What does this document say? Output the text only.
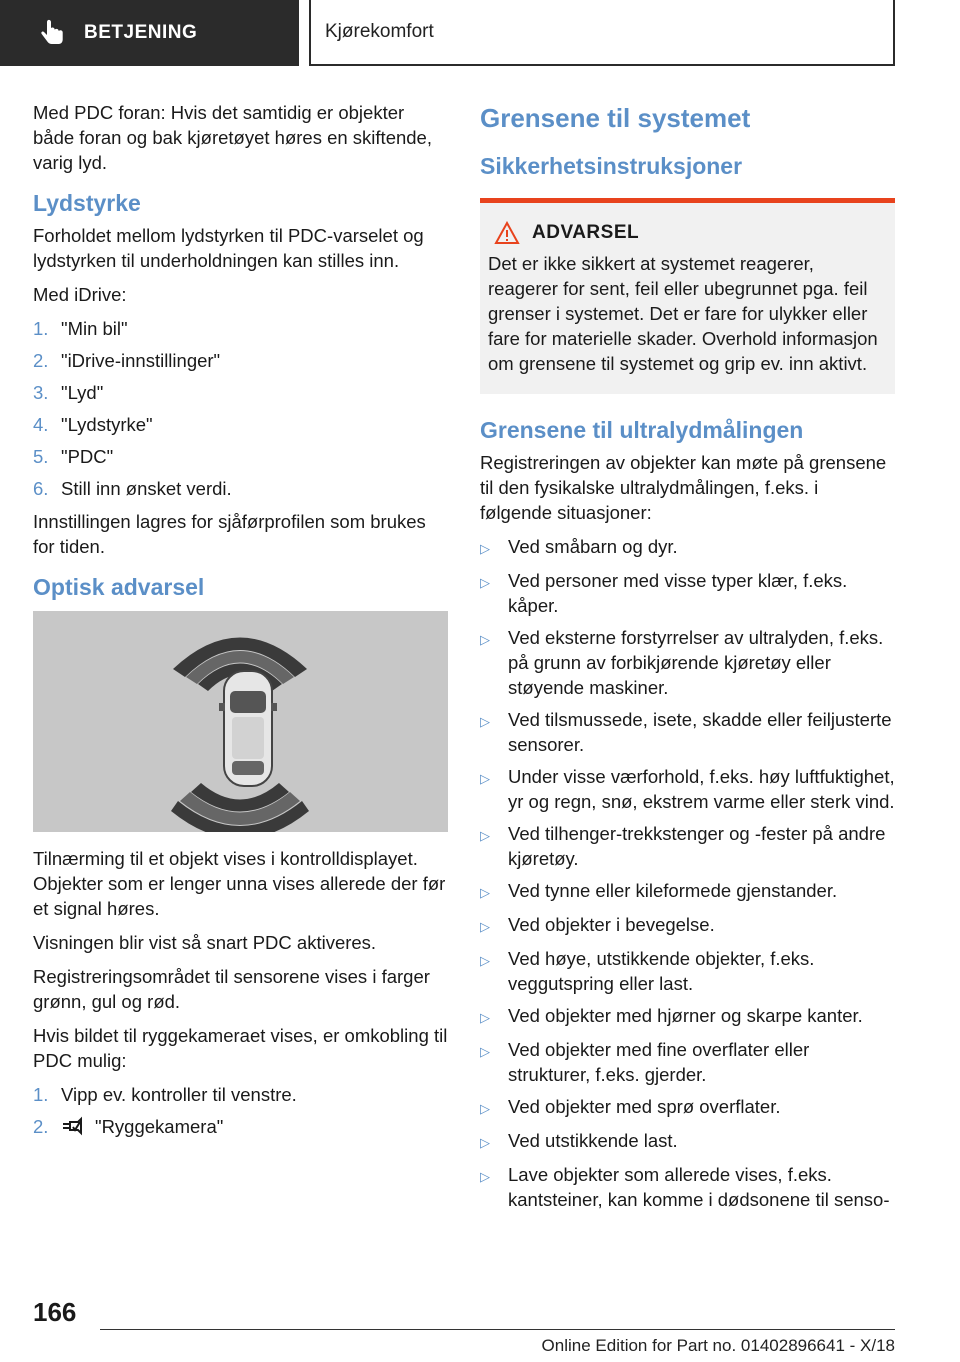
BETJENING	Kjørekomfort

Med PDC foran: Hvis det samtidig er objekter både foran og bak kjøretøyet høres en skiftende, varig lyd.

Lydstyrke

Forholdet mellom lydstyrken til PDC-varselet og lydstyrken til underholdningen kan stilles inn.

Med iDrive:

1. "Min bil"
2. "iDrive-innstillinger"
3. "Lyd"
4. "Lydstyrke"
5. "PDC"
6. Still inn ønsket verdi.

Innstillingen lagres for sjåførprofilen som brukes for tiden.

Optisk advarsel

Tilnærming til et objekt vises i kontrolldisplayet. Objekter som er lenger unna vises allerede der før et signal høres.

Visningen blir vist så snart PDC aktiveres.

Registreringsområdet til sensorene vises i farger grønn, gul og rød.

Hvis bildet til ryggekameraet vises, er omkobling til PDC mulig:

1. Vipp ev. kontroller til venstre.
2.	"Ryggekamera"
Grensene til systemet
Sikkerhetsinstruksjoner
ADVARSEL

Det er ikke sikkert at systemet reagerer, reagerer for sent, feil eller ubegrunnet pga. feil grenser i systemet. Det er fare for ulykker eller fare for materielle skader. Overhold informasjon om grensene til systemet og grip ev. inn aktivt.

Grensene til ultralydmålingen

Registreringen av objekter kan møte på grensene til den fysikalske ultralydmålingen, f.eks. i følgende situasjoner:

▷ Ved småbarn og dyr.
▷ Ved personer med visse typer klær, f.eks. kåper.
▷ Ved eksterne forstyrrelser av ultralyden, f.eks. på grunn av forbikjørende kjøretøy eller støyende maskiner.
▷ Ved tilsmussede, isete, skadde eller feiljusterte sensorer.
▷ Under visse værforhold, f.eks. høy luftfuktighet, yr og regn, snø, ekstrem varme eller sterk vind.
▷ Ved tilhenger-trekkstenger og -fester på andre kjøretøy.
▷ Ved tynne eller kileformede gjenstander.
▷ Ved objekter i bevegelse.
▷ Ved høye, utstikkende objekter, f.eks. veggutspring eller last.
▷ Ved objekter med hjørner og skarpe kanter.
▷ Ved objekter med fine overflater eller strukturer, f.eks. gjerder.
▷ Ved objekter med sprø overflater.
▷ Ved utstikkende last.
▷ Lave objekter som allerede vises, f.eks. kantsteiner, kan komme i dødsonene til senso-
166
Online Edition for Part no. 01402896641 - X/18
